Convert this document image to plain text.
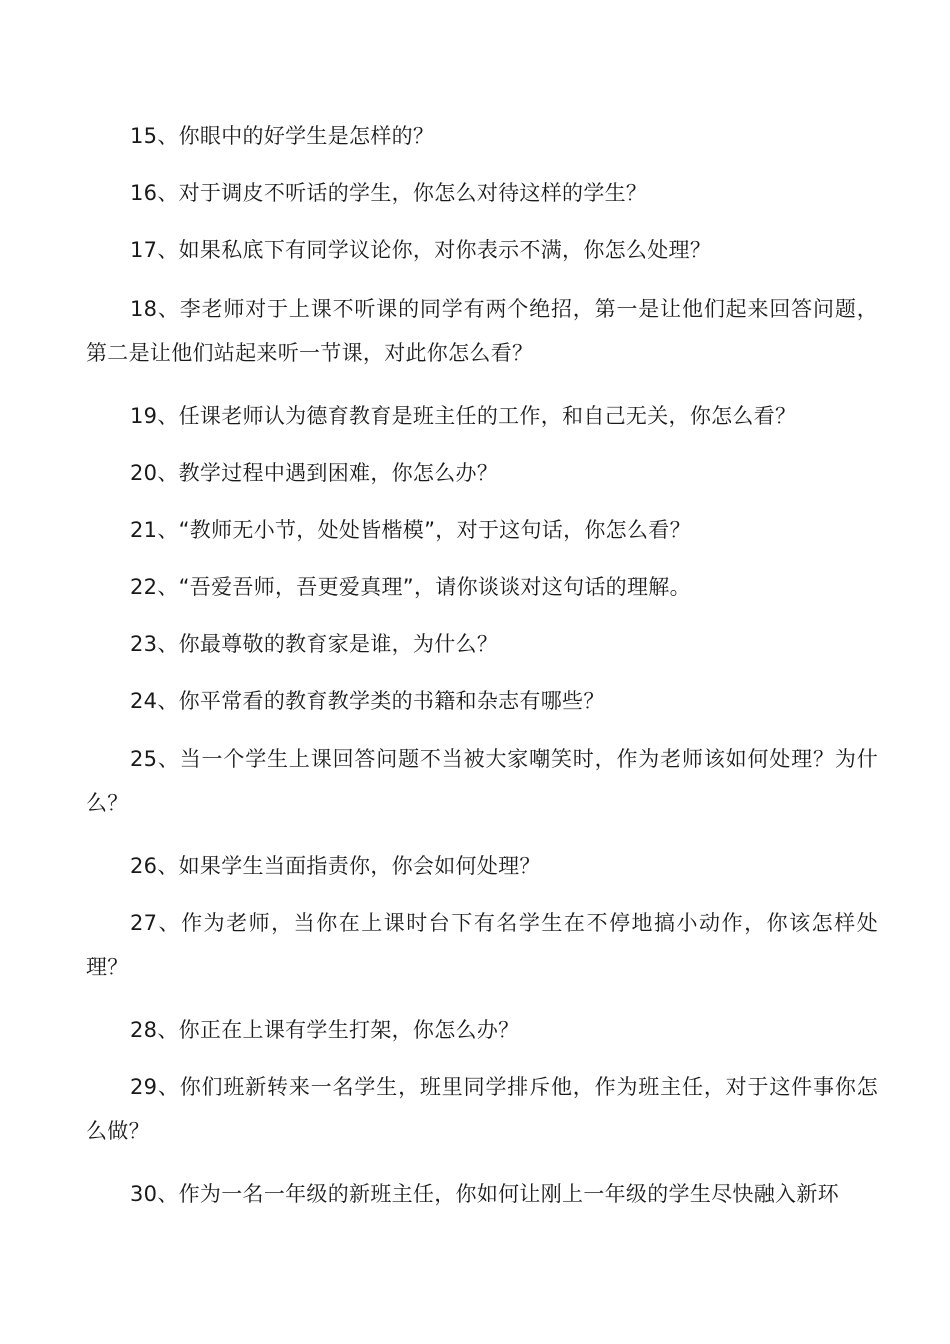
15、你眼中的好学生是怎样的？

16、对于调皮不听话的学生，你怎么对待这样的学生？

17、如果私底下有同学议论你，对你表示不满，你怎么处理？

18、李老师对于上课不听课的同学有两个绝招，第一是让他们起来回答问题，第二是让他们站起来听一节课，对此你怎么看？

19、任课老师认为德育教育是班主任的工作，和自己无关，你怎么看？

20、教学过程中遇到困难，你怎么办？

21、“教师无小节，处处皆楷模”，对于这句话，你怎么看？

22、“吾爱吾师，吾更爱真理”，请你谈谈对这句话的理解。

23、你最尊敬的教育家是谁，为什么？

24、你平常看的教育教学类的书籍和杂志有哪些？

25、当一个学生上课回答问题不当被大家嘲笑时，作为老师该如何处理？为什么？

26、如果学生当面指责你，你会如何处理？

27、作为老师，当你在上课时台下有名学生在不停地搞小动作，你该怎样处理？

28、你正在上课有学生打架，你怎么办？

29、你们班新转来一名学生，班里同学排斥他，作为班主任，对于这件事你怎么做？

30、作为一名一年级的新班主任，你如何让刚上一年级的学生尽快融入新环
